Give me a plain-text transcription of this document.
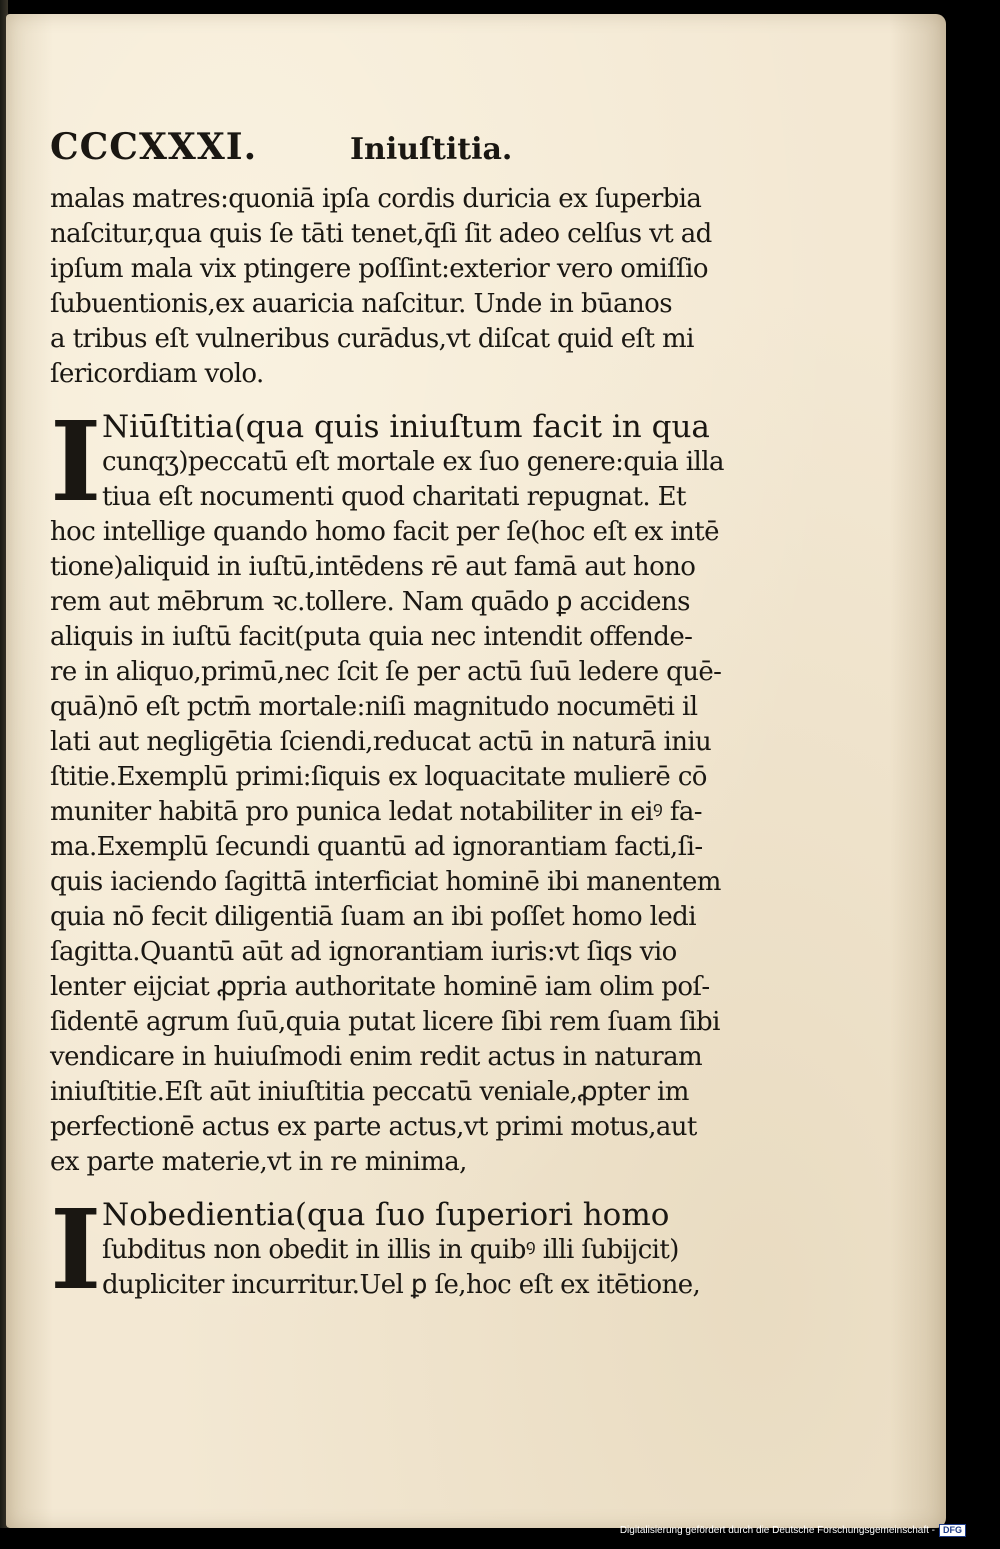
CCCXXXI.	Iniuſtitia.
malas matres:quoniā ipſa cordis duricia ex ſuperbia
naſcitur,qua quis ſe tāti tenet,q̄ſi ſit adeo celſus vt ad
ipſum mala vix ptingere poſſint:exterior vero omiſſio
ſubuentionis,ex auaricia naſcitur. Unde in būanos
a tribus eſt vulneribus curādus,vt diſcat quid eſt mi
ſericordiam volo.
I Niūſtitia(qua quis iniuſtum facit in qua
cunqʒ)peccatū eſt mortale ex ſuo genere:quia illa
tiua eſt nocumenti quod charitati repugnat. Et
hoc intellige quando homo facit per ſe(hoc eſt ex intē
tione)aliquid in iuſtū,intēdens rē aut famā aut hono
rem aut mēbrum ꝛc.tollere. Nam quādo ꝑ accidens
aliquis in iuſtū facit(puta quia nec intendit offende-
re in aliquo,primū,nec ſcit ſe per actū ſuū ledere quē-
quā)nō eſt pctm̄ mortale:niſi magnitudo nocumēti il
lati aut negligētia ſciendi,reducat actū in naturā iniu
ſtitie.Exemplū primi:ſiquis ex loquacitate mulierē cō
muniter habitā pro punica ledat notabiliter in eiꝰ fa-
ma.Exemplū ſecundi quantū ad ignorantiam facti,ſi-
quis iaciendo ſagittā interficiat hominē ibi manentem
quia nō fecit diligentiā ſuam an ibi poſſet homo ledi
ſagitta.Quantū aūt ad ignorantiam iuris:vt ſiqs vio
lenter eijciat ꝓpria authoritate hominē iam olim poſ-
ſidentē agrum ſuū,quia putat licere ſibi rem ſuam ſibi
vendicare in huiuſmodi enim redit actus in naturam
iniuſtitie.Eſt aūt iniuſtitia peccatū veniale,ꝓpter im
perfectionē actus ex parte actus,vt primi motus,aut
ex parte materie,vt in re minima,
I Nobedientia(qua ſuo ſuperiori homo
ſubditus non obedit in illis in quibꝰ illi ſubijcit)
dupliciter incurritur.Uel ꝑ ſe,hoc eſt ex itētione,
Digitalisierung gefördert durch die Deutsche Forschungsgemeinschaft - DFG
